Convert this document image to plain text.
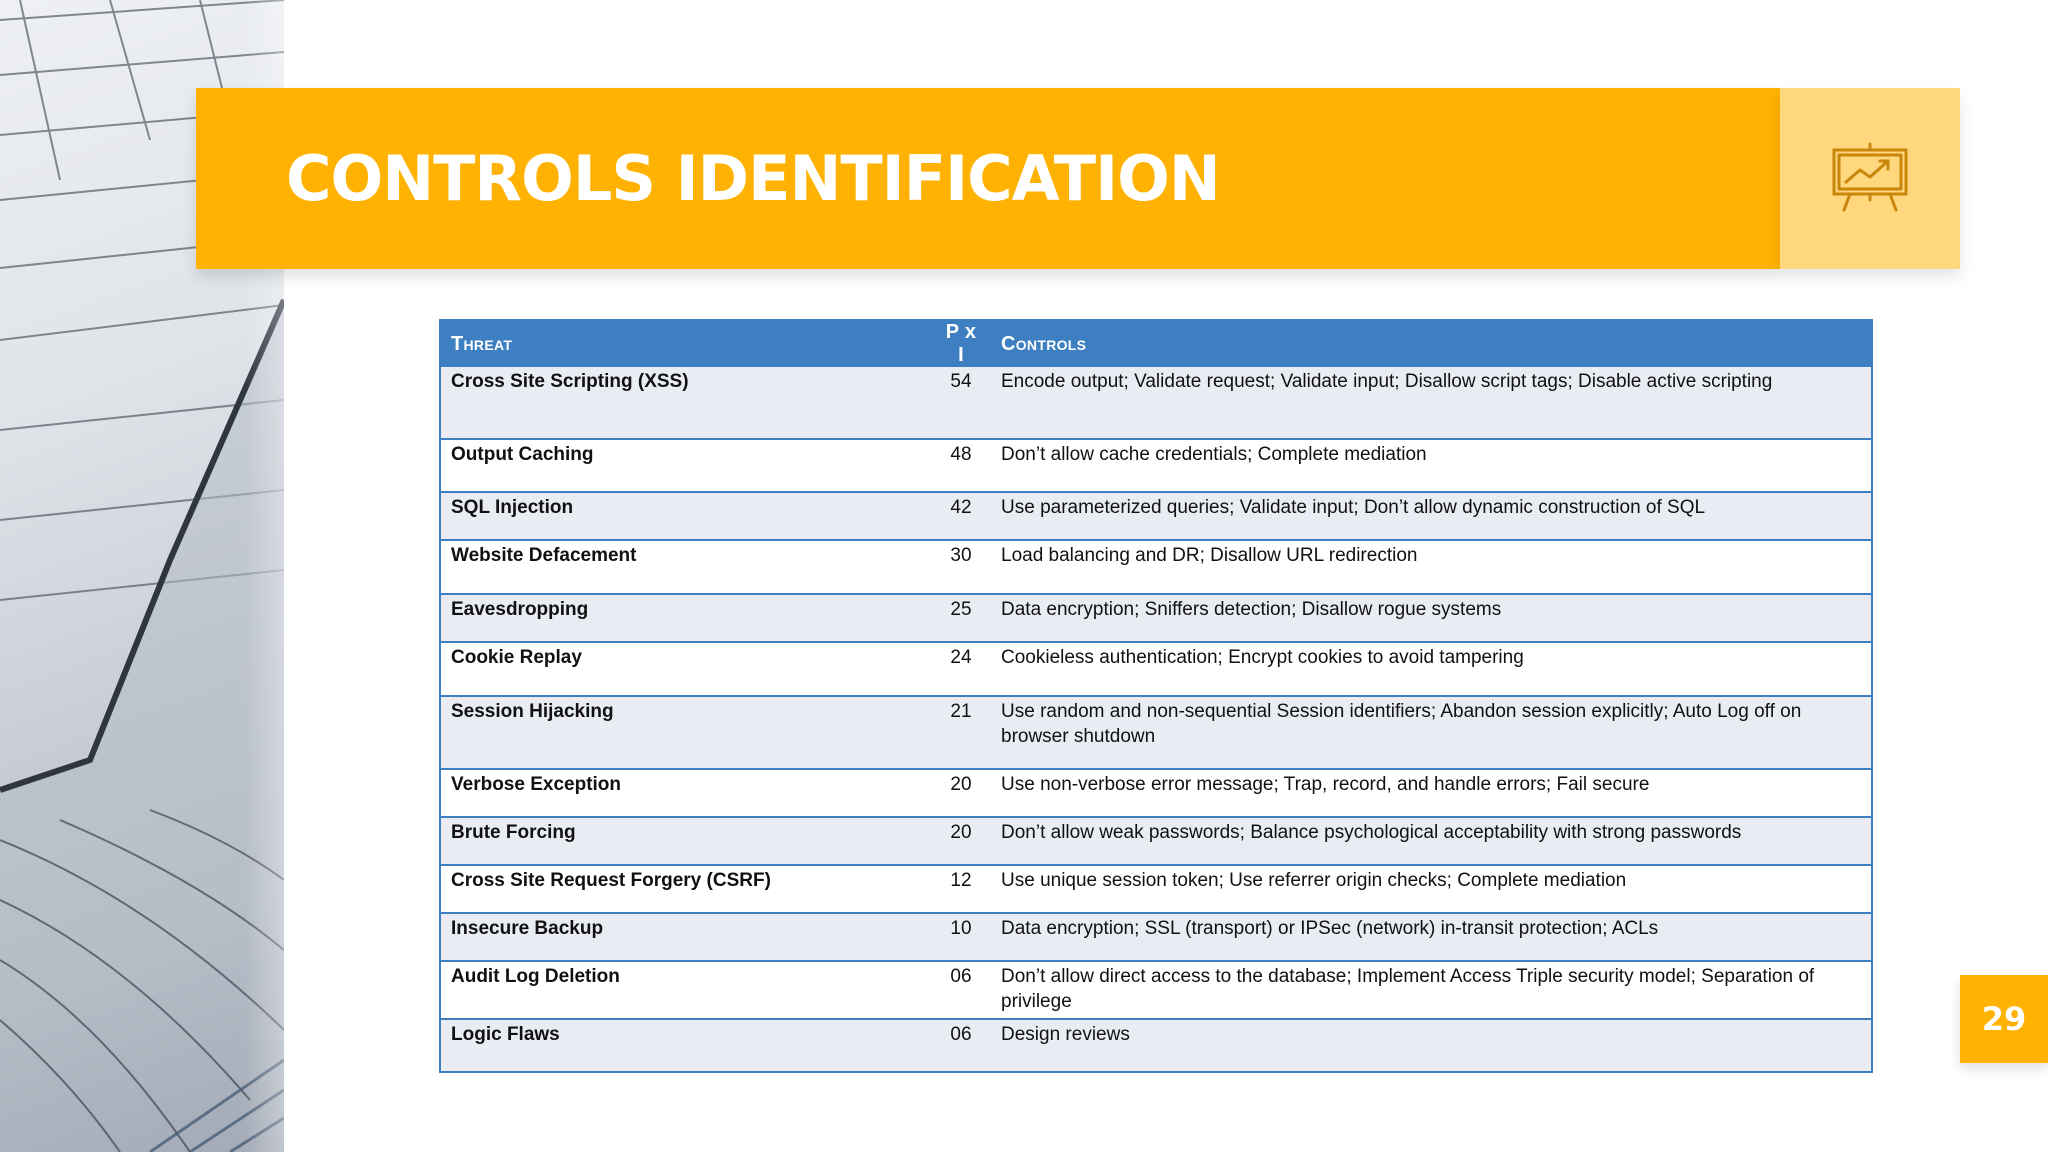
CONTROLS IDENTIFICATION
Threat	P x I	Controls
Cross Site Scripting (XSS)	54	Encode output; Validate request; Validate input; Disallow script tags; Disable active scripting
Output Caching	48	Don’t allow cache credentials; Complete mediation
SQL Injection	42	Use parameterized queries; Validate input; Don’t allow dynamic construction of SQL
Website Defacement	30	Load balancing and DR; Disallow URL redirection
Eavesdropping	25	Data encryption; Sniffers detection; Disallow rogue systems
Cookie Replay	24	Cookieless authentication; Encrypt cookies to avoid tampering
Session Hijacking	21	Use random and non-sequential Session identifiers; Abandon session explicitly; Auto Log off on browser shutdown
Verbose Exception	20	Use non-verbose error message; Trap, record, and handle errors; Fail secure
Brute Forcing	20	Don’t allow weak passwords; Balance psychological acceptability with strong passwords
Cross Site Request Forgery (CSRF)	12	Use unique session token; Use referrer origin checks; Complete mediation
Insecure Backup	10	Data encryption; SSL (transport) or IPSec (network) in-transit protection; ACLs
Audit Log Deletion	06	Don’t allow direct access to the database; Implement Access Triple security model; Separation of privilege
Logic Flaws	06	Design reviews	29
